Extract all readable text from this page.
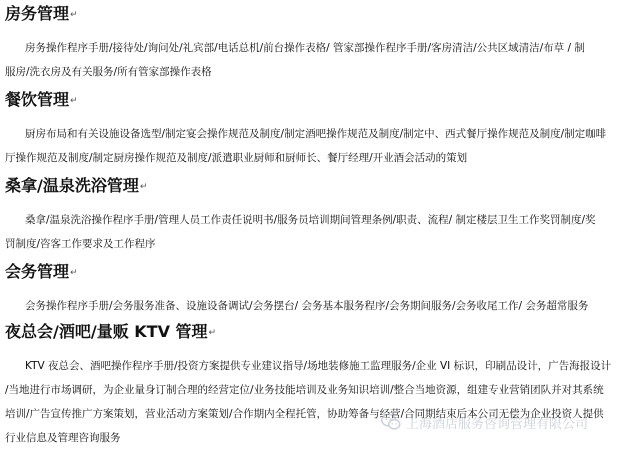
房务管理↵
房务操作程序手册/接待处/询问处/礼宾部/电话总机/前台操作表格/ 管家部操作程序手册/客房清洁/公共区域清洁/布草 / 制
服房/洗衣房及有关服务/所有管家部操作表格
餐饮管理↵
厨房布局和有关设施设备选型/制定宴会操作规范及制度/制定酒吧操作规范及制度/制定中、西式餐厅操作规范及制度/制定咖啡
厅操作规范及制度/制定厨房操作规范及制度/派遣职业厨师和厨师长、餐厅经理/开业酒会活动的策划
桑拿/温泉洗浴管理↵
桑拿/温泉洗浴操作程序手册/管理人员工作责任说明书/服务员培训期间管理条例/职责、流程/ 制定楼层卫生工作奖罚制度/奖
罚制度/咨客工作要求及工作程序
会务管理↵
会务操作程序手册/会务服务准备、设施设备调试/会务摆台/ 会务基本服务程序/会务期间服务/会务收尾工作/ 会务超常服务
夜总会/酒吧/量贩 KTV 管理↵
KTV 夜总会、酒吧操作程序手册/投资方案提供专业建议指导/场地装修施工监理服务/企业 VI 标识，印刷品设计，广告海报设计
/当地进行市场调研，为企业量身订制合理的经营定位/业务技能培训及业务知识培训/整合当地资源，组建专业营销团队并对其系统
培训/广告宣传推广方案策划，营业活动方案策划/合作期内全程托管，协助筹备与经营/合同期结束后本公司无偿为企业投资人提供
行业信息及管理咨询服务
上海酒店服务咨询管理有限公司
